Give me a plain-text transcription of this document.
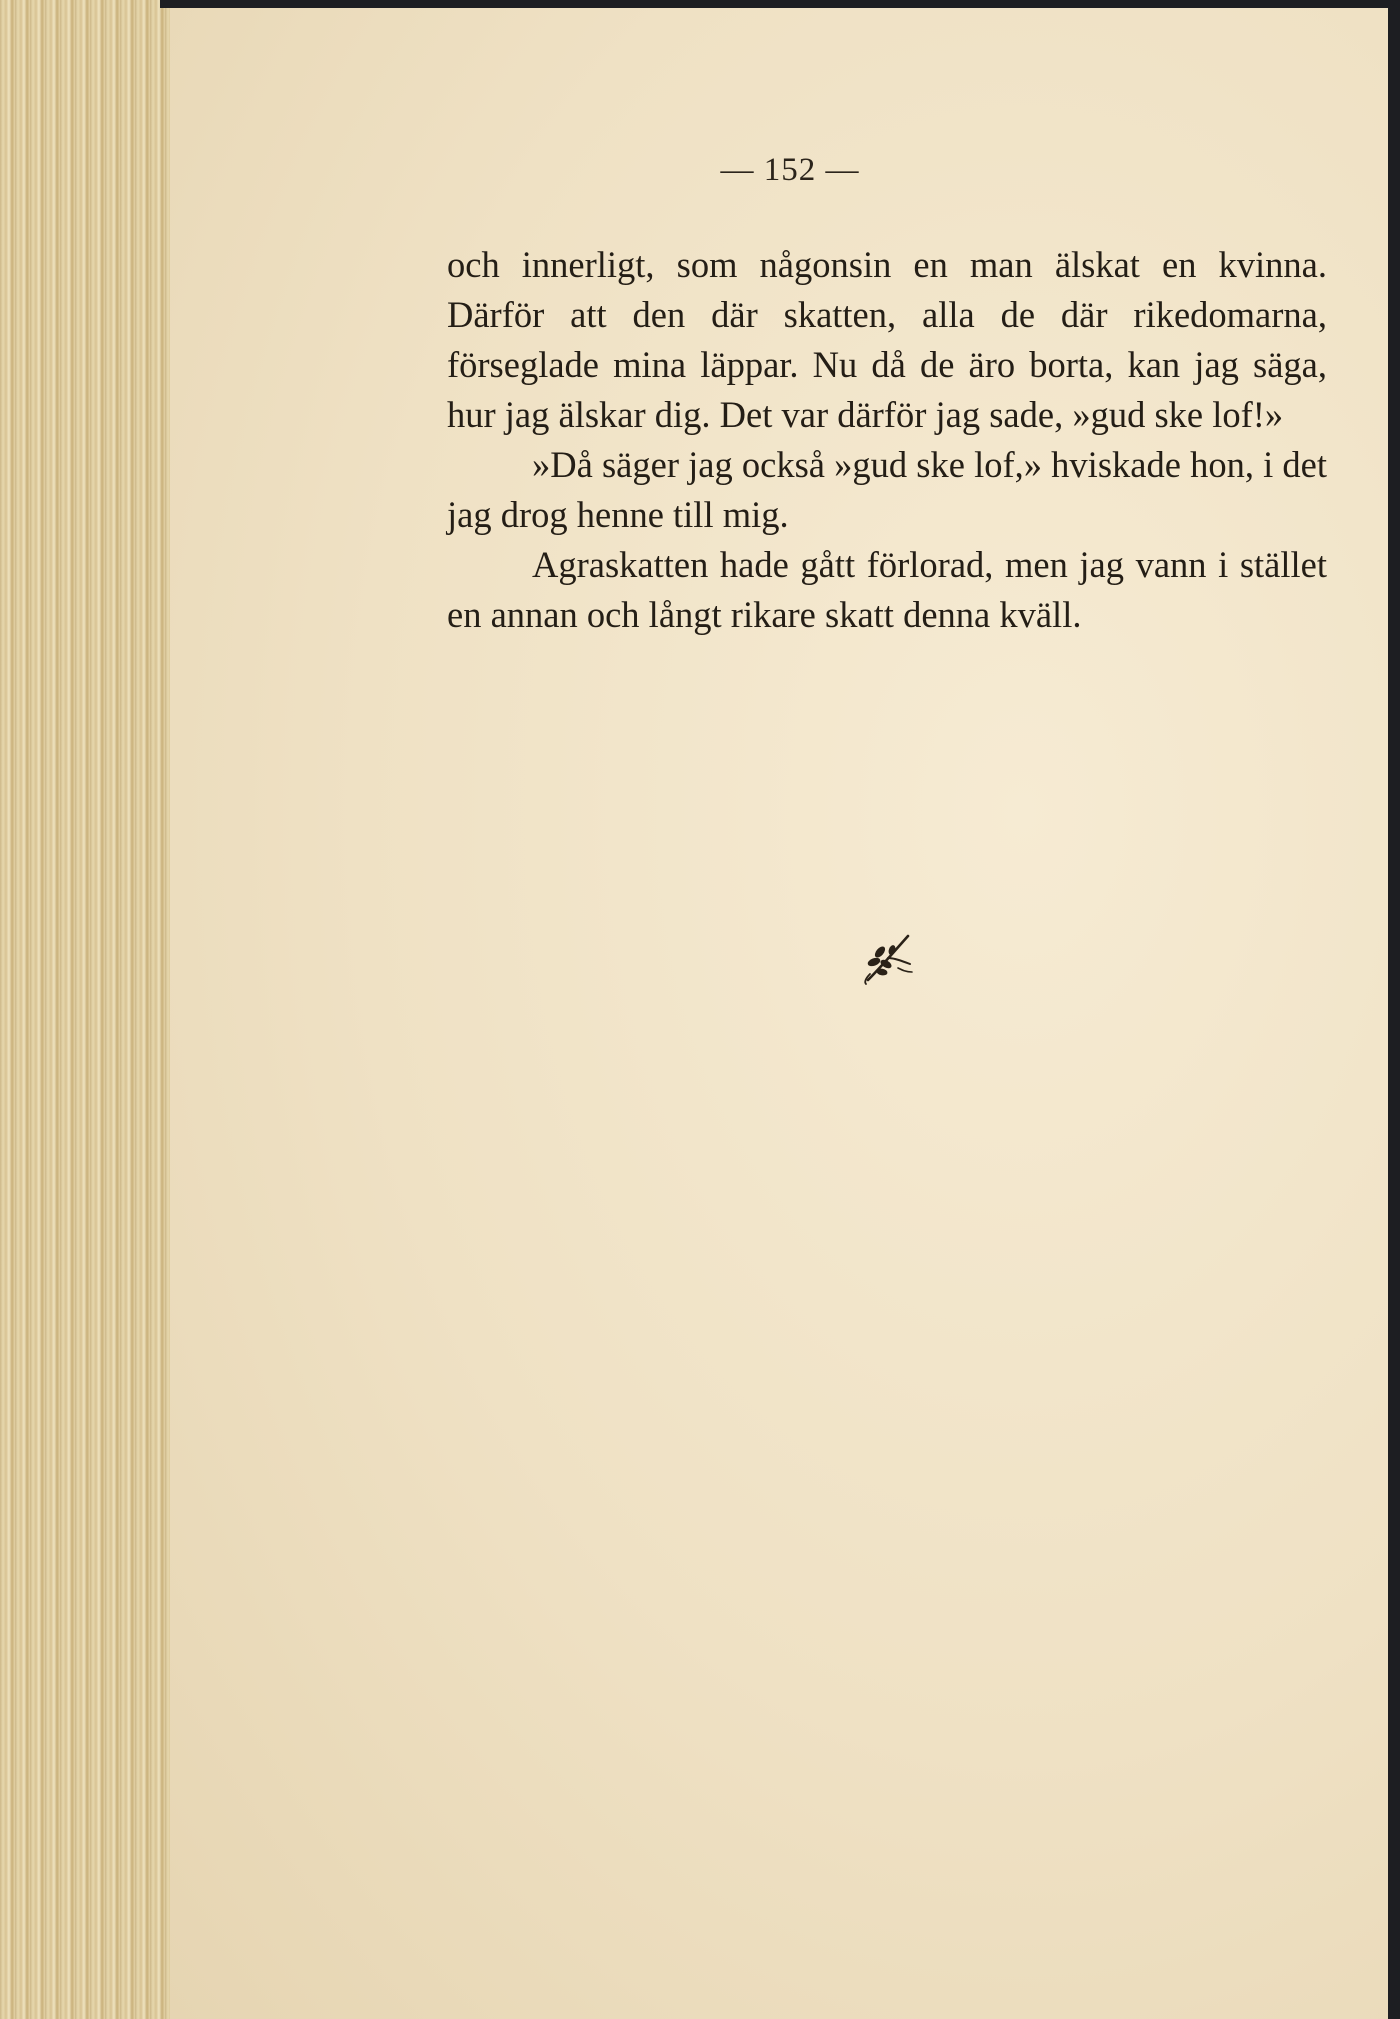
— 152 —

och innerligt, som någonsin en man älskat en kvinna. Därför att den där skatten, alla de där rikedomarna, förseglade mina läppar. Nu då de äro borta, kan jag säga, hur jag älskar dig. Det var därför jag sade, »gud ske lof!»

»Då säger jag också »gud ske lof,» hviskade hon, i det jag drog henne till mig.

Agraskatten hade gått förlorad, men jag vann i stället en annan och långt rikare skatt denna kväll.
